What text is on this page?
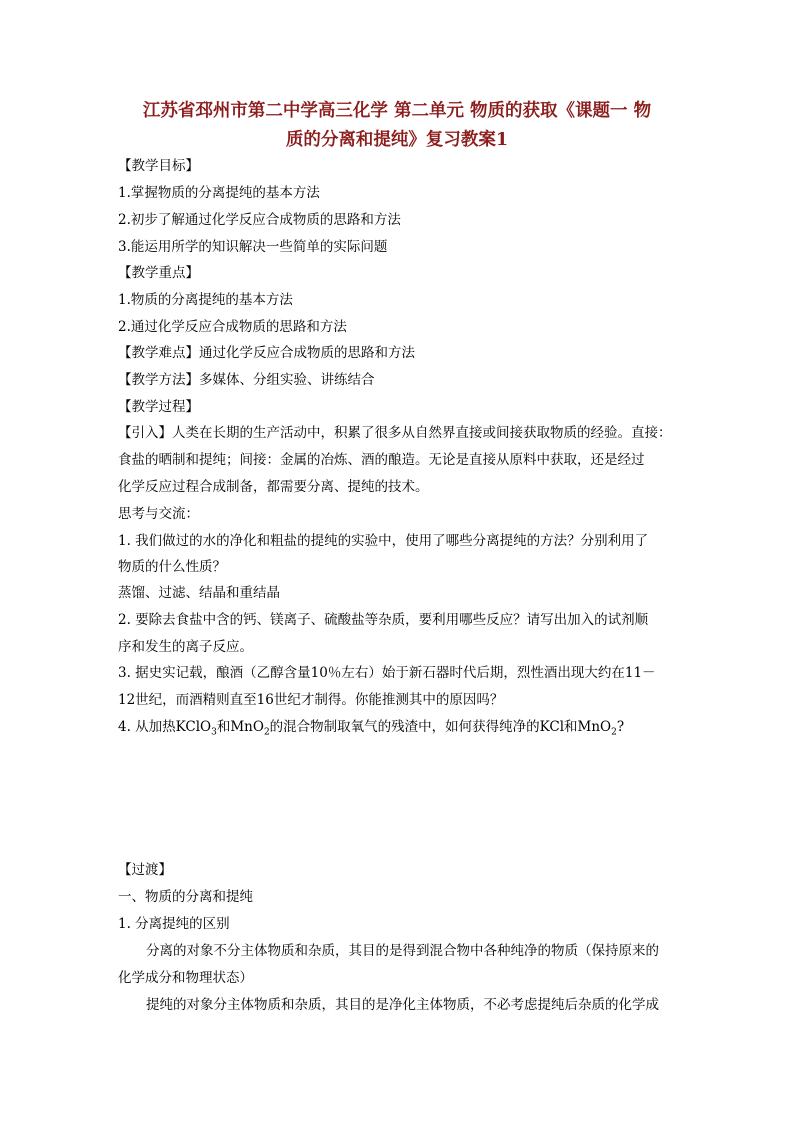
江苏省邳州市第二中学高三化学 第二单元 物质的获取《课题一 物
质的分离和提纯》复习教案1
【教学目标】
1.掌握物质的分离提纯的基本方法
2.初步了解通过化学反应合成物质的思路和方法
3.能运用所学的知识解决一些简单的实际问题
【教学重点】
1.物质的分离提纯的基本方法
2.通过化学反应合成物质的思路和方法
【教学难点】通过化学反应合成物质的思路和方法
【教学方法】多媒体、分组实验、讲练结合
【教学过程】
【引入】人类在长期的生产活动中，积累了很多从自然界直接或间接获取物质的经验。直接：
食盐的晒制和提纯；间接：金属的冶炼、酒的酿造。无论是直接从原料中获取，还是经过
化学反应过程合成制备，都需要分离、提纯的技术。
思考与交流：
1. 我们做过的水的净化和粗盐的提纯的实验中，使用了哪些分离提纯的方法？分别利用了
物质的什么性质？
蒸馏、过滤、结晶和重结晶
2. 要除去食盐中含的钙、镁离子、硫酸盐等杂质，要利用哪些反应？请写出加入的试剂顺
序和发生的离子反应。
3. 据史实记载，酿酒（乙醇含量10％左右）始于新石器时代后期，烈性酒出现大约在11－
12世纪，而酒精则直至16世纪才制得。你能推测其中的原因吗？
4. 从加热KClO$_3$和MnO$_2$的混合物制取氧气的残渣中，如何获得纯净的KCl和MnO$_2$?
【过渡】
一、物质的分离和提纯
1. 分离提纯的区别
分离的对象不分主体物质和杂质，其目的是得到混合物中各种纯净的物质（保持原来的
化学成分和物理状态）
提纯的对象分主体物质和杂质，其目的是净化主体物质，不必考虑提纯后杂质的化学成
